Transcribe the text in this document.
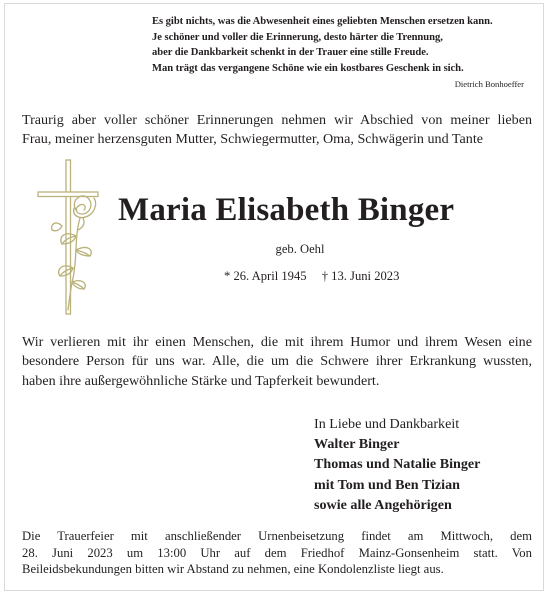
Es gibt nichts, was die Abwesenheit eines geliebten Menschen ersetzen kann.
Je schöner und voller die Erinnerung, desto härter die Trennung,
aber die Dankbarkeit schenkt in der Trauer eine stille Freude.
Man trägt das vergangene Schöne wie ein kostbares Geschenk in sich.
Dietrich Bonhoeffer
Traurig aber voller schöner Erinnerungen nehmen wir Abschied von meiner lieben
Frau, meiner herzensguten Mutter, Schwiegermutter, Oma, Schwägerin und Tante
Maria Elisabeth Binger
geb. Oehl
* 26. April 1945 † 13. Juni 2023
Wir verlieren mit ihr einen Menschen, die mit ihrem Humor und ihrem Wesen eine
besondere Person für uns war. Alle, die um die Schwere ihrer Erkrankung wussten,
haben ihre außergewöhnliche Stärke und Tapferkeit bewundert.
In Liebe und Dankbarkeit
Walter Binger
Thomas und Natalie Binger
mit Tom und Ben Tizian
sowie alle Angehörigen
Die Trauerfeier mit anschließender Urnenbeisetzung findet am Mittwoch, dem
28. Juni 2023 um 13:00 Uhr auf dem Friedhof Mainz-Gonsenheim statt. Von
Beileidsbekundungen bitten wir Abstand zu nehmen, eine Kondolenzliste liegt aus.
